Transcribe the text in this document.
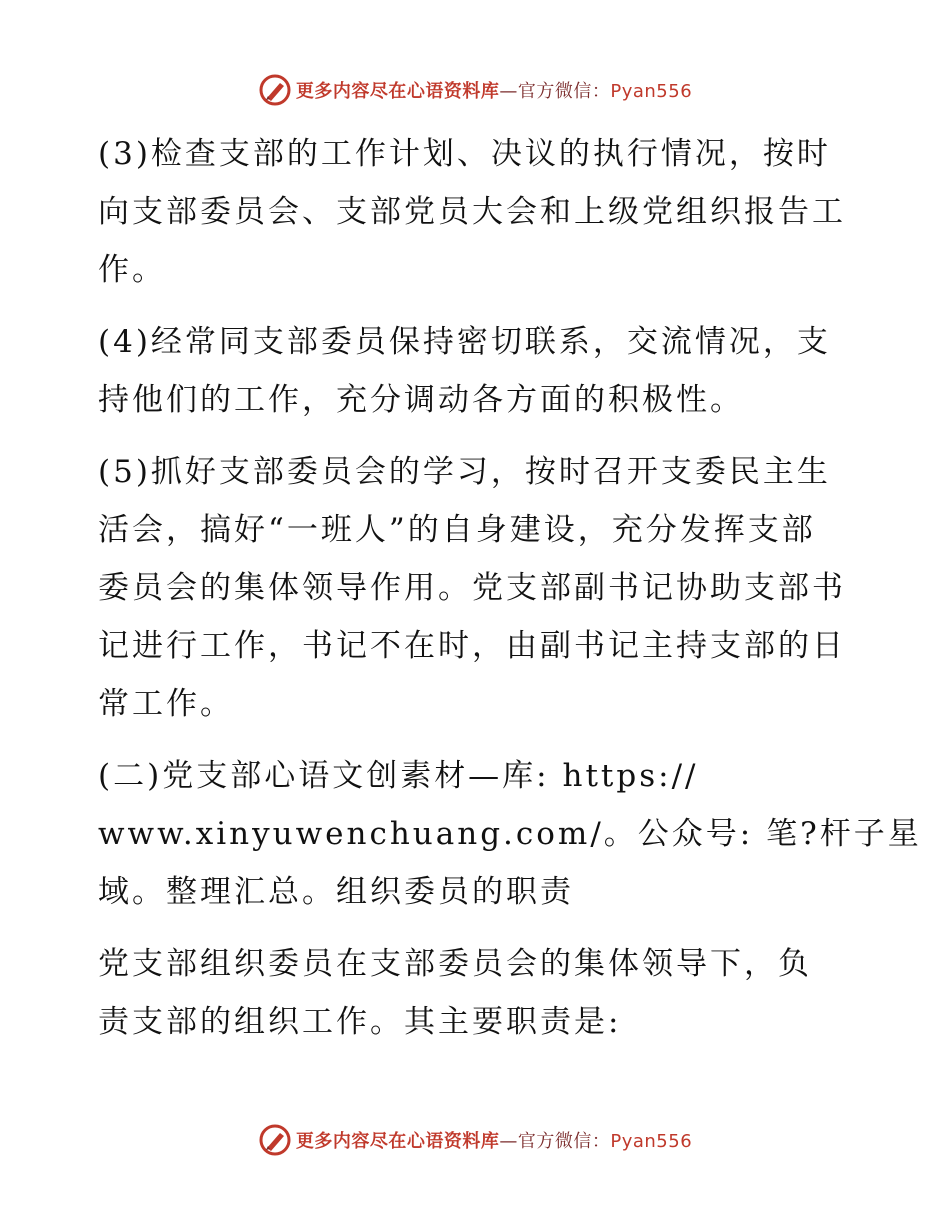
更多内容尽在心语资料库—官方微信：Pyan556

(3)检查支部的工作计划、决议的执行情况，按时
向支部委员会、支部党员大会和上级党组织报告工
作。

(4)经常同支部委员保持密切联系，交流情况，支
持他们的工作，充分调动各方面的积极性。

(5)抓好支部委员会的学习，按时召开支委民主生
活会，搞好“一班人”的自身建设，充分发挥支部
委员会的集体领导作用。党支部副书记协助支部书
记进行工作，书记不在时，由副书记主持支部的日
常工作。

(二)党支部心语文创素材—库: https://
www.xinyuwenchuang.com/。公众号: 笔?杆子星
域。整理汇总。组织委员的职责

党支部组织委员在支部委员会的集体领导下，负
责支部的组织工作。其主要职责是:

更多内容尽在心语资料库—官方微信：Pyan556
